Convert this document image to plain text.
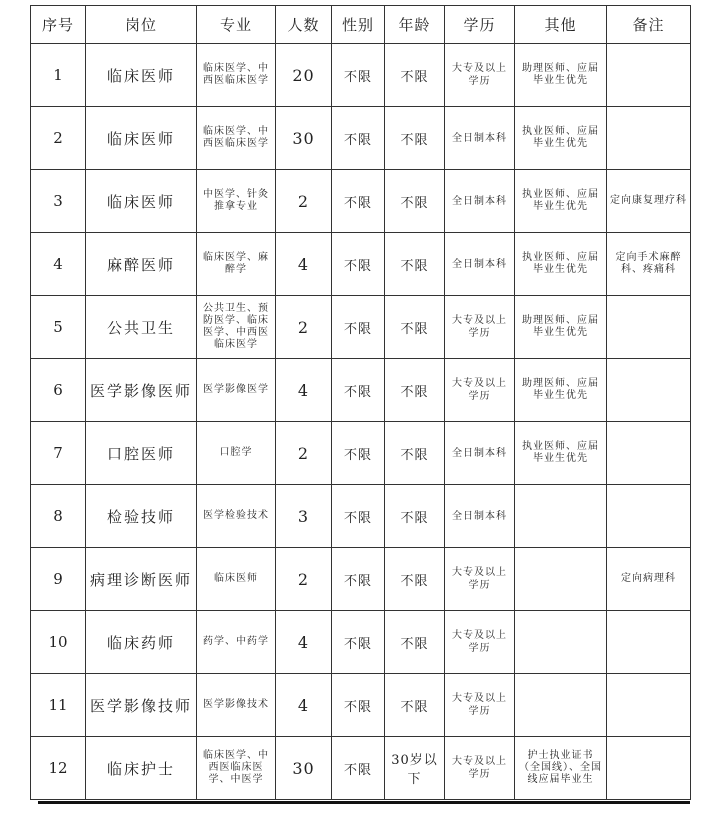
序号	岗位	专业	人数	性别	年龄	学历	其他	备注
1	临床医师	临床医学、中西医临床医学	20	不限	不限	大专及以上学历	助理医师、应届毕业生优先	
2	临床医师	临床医学、中西医临床医学	30	不限	不限	全日制本科	执业医师、应届毕业生优先	
3	临床医师	中医学、针灸推拿专业	2	不限	不限	全日制本科	执业医师、应届毕业生优先	定向康复理疗科
4	麻醉医师	临床医学、麻醉学	4	不限	不限	全日制本科	执业医师、应届毕业生优先	定向手术麻醉科、疼痛科
5	公共卫生	公共卫生、预防医学、临床医学、中西医临床医学	2	不限	不限	大专及以上学历	助理医师、应届毕业生优先	
6	医学影像医师	医学影像医学	4	不限	不限	大专及以上学历	助理医师、应届毕业生优先	
7	口腔医师	口腔学	2	不限	不限	全日制本科	执业医师、应届毕业生优先	
8	检验技师	医学检验技术	3	不限	不限	全日制本科		
9	病理诊断医师	临床医师	2	不限	不限	大专及以上学历		定向病理科
10	临床药师	药学、中药学	4	不限	不限	大专及以上学历		
11	医学影像技师	医学影像技术	4	不限	不限	大专及以上学历		
12	临床护士	临床医学、中西医临床医学、中医学	30	不限	30岁以下	大专及以上学历	护士执业证书（全国线）、全国线应届毕业生	
